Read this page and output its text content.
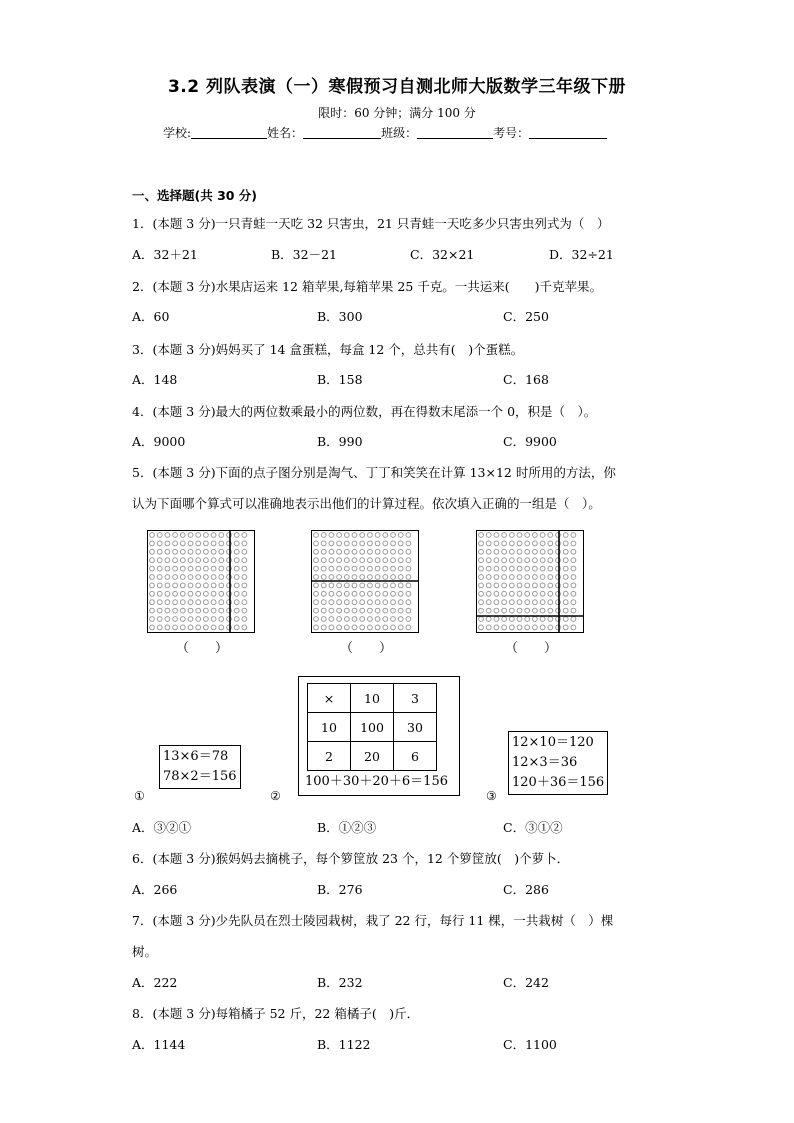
3.2 列队表演（一）寒假预习自测北师大版数学三年级下册
限时：60 分钟；满分 100 分
学校:	姓名：	班级：	考号：
一、选择题(共 30 分)
1．(本题 3 分)一只青蛙一天吃 32 只害虫，21 只青蛙一天吃多少只害虫列式为（　）
A．32＋21	B．32－21	C．32×21	D．32÷21
2．(本题 3 分)水果店运来 12 箱苹果,每箱苹果 25 千克。一共运来(　　)千克苹果。
A．60	B．300	C．250
3．(本题 3 分)妈妈买了 14 盒蛋糕，每盒 12 个，总共有(　)个蛋糕。
A．148	B．158	C．168
4．(本题 3 分)最大的两位数乘最小的两位数，再在得数末尾添一个 0，积是（　）。
A．9000	B．990	C．9900
5．(本题 3 分)下面的点子图分别是淘气、丁丁和笑笑在计算 13×12 时所用的方法，你
认为下面哪个算式可以准确地表示出他们的计算过程。依次填入正确的一组是（　）。
（　　）	（　　）	（　　）
13×6＝78
78×2＝156
①
×	10	3
10	100	30
2	20	6
100＋30＋20＋6＝156
②
12×10＝120
12×3＝36
120＋36＝156
③
A．③②①	B．①②③	C．③①②
6．(本题 3 分)猴妈妈去摘桃子，每个箩筐放 23 个，12 个箩筐放(　)个萝卜．
A．266	B．276	C．286
7．(本题 3 分)少先队员在烈士陵园栽树，栽了 22 行，每行 11 棵，一共栽树（　）棵
树。
A．222	B．232	C．242
8．(本题 3 分)每箱橘子 52 斤，22 箱橘子(　)斤．
A．1144	B．1122	C．1100
